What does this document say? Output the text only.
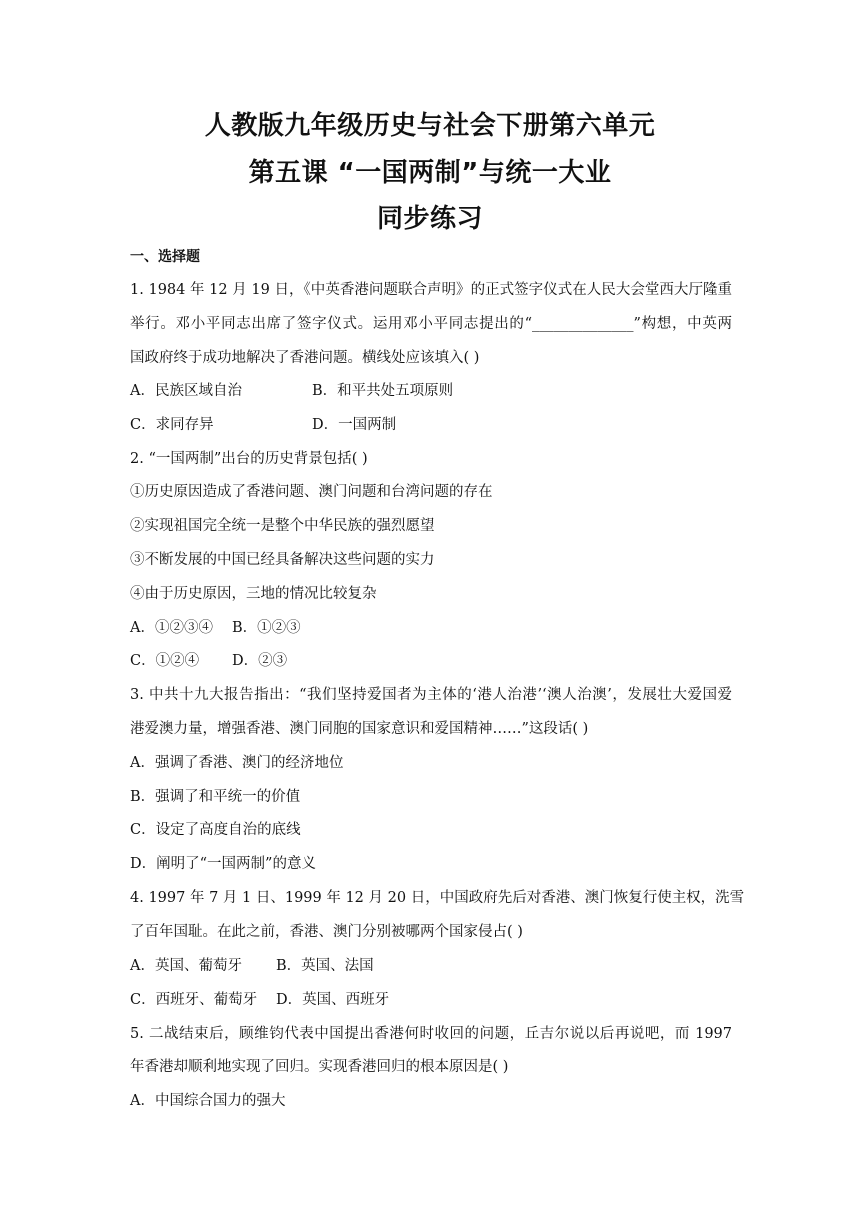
人教版九年级历史与社会下册第六单元
第五课 “一国两制”与统一大业
同步练习
一、选择题
1. 1984 年 12 月 19 日，《中英香港问题联合声明》的正式签字仪式在人民大会堂西大厅隆重
举行。邓小平同志出席了签字仪式。运用邓小平同志提出的“______________”构想，中英两
国政府终于成功地解决了香港问题。横线处应该填入( )
A．民族区域自治	B．和平共处五项原则
C．求同存异	D．一国两制
2. “一国两制”出台的历史背景包括( )
①历史原因造成了香港问题、澳门问题和台湾问题的存在
②实现祖国完全统一是整个中华民族的强烈愿望
③不断发展的中国已经具备解决这些问题的实力
④由于历史原因，三地的情况比较复杂
A．①②③④ B．①②③
C．①②④ D．②③
3. 中共十九大报告指出：“我们坚持爱国者为主体的‘港人治港’‘澳人治澳’，发展壮大爱国爱
港爱澳力量，增强香港、澳门同胞的国家意识和爱国精神……”这段话( )
A．强调了香港、澳门的经济地位
B．强调了和平统一的价值
C．设定了高度自治的底线
D．阐明了“一国两制”的意义
4. 1997 年 7 月 1 日、1999 年 12 月 20 日，中国政府先后对香港、澳门恢复行使主权，洗雪
了百年国耻。在此之前，香港、澳门分别被哪两个国家侵占( )
A．英国、葡萄牙 B．英国、法国
C．西班牙、葡萄牙 D．英国、西班牙
5. 二战结束后，顾维钧代表中国提出香港何时收回的问题，丘吉尔说以后再说吧，而 1997
年香港却顺利地实现了回归。实现香港回归的根本原因是( )
A．中国综合国力的强大
